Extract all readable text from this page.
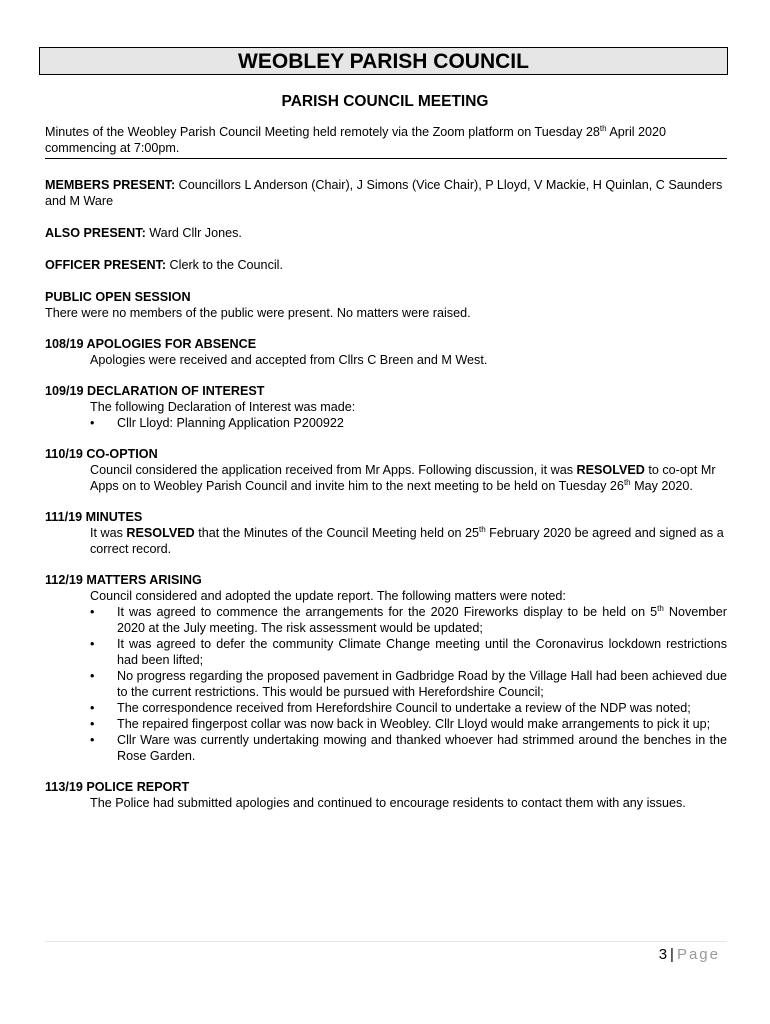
WEOBLEY PARISH COUNCIL
PARISH COUNCIL MEETING

Minutes of the Weobley Parish Council Meeting held remotely via the Zoom platform on Tuesday 28th April 2020 commencing at 7:00pm.

MEMBERS PRESENT: Councillors L Anderson (Chair), J Simons (Vice Chair), P Lloyd, V Mackie, H Quinlan, C Saunders and M Ware

ALSO PRESENT: Ward Cllr Jones.

OFFICER PRESENT: Clerk to the Council.

PUBLIC OPEN SESSION

There were no members of the public were present. No matters were raised.

108/19 APOLOGIES FOR ABSENCE

Apologies were received and accepted from Cllrs C Breen and M West.

109/19 DECLARATION OF INTEREST

The following Declaration of Interest was made:

•	Cllr Lloyd: Planning Application P200922

110/19 CO-OPTION

Council considered the application received from Mr Apps. Following discussion, it was RESOLVED to co-opt Mr Apps on to Weobley Parish Council and invite him to the next meeting to be held on Tuesday 26th May 2020.

111/19 MINUTES

It was RESOLVED that the Minutes of the Council Meeting held on 25th February 2020 be agreed and signed as a correct record.

112/19 MATTERS ARISING

Council considered and adopted the update report. The following matters were noted:

•	It was agreed to commence the arrangements for the 2020 Fireworks display to be held on 5th November 2020 at the July meeting. The risk assessment would be updated;
•	It was agreed to defer the community Climate Change meeting until the Coronavirus lockdown restrictions had been lifted;
•	No progress regarding the proposed pavement in Gadbridge Road by the Village Hall had been achieved due to the current restrictions. This would be pursued with Herefordshire Council;
•	The correspondence received from Herefordshire Council to undertake a review of the NDP was noted;
•	The repaired fingerpost collar was now back in Weobley. Cllr Lloyd would make arrangements to pick it up;
•	Cllr Ware was currently undertaking mowing and thanked whoever had strimmed around the benches in the Rose Garden.

113/19 POLICE REPORT

The Police had submitted apologies and continued to encourage residents to contact them with any issues.

3 | Page
